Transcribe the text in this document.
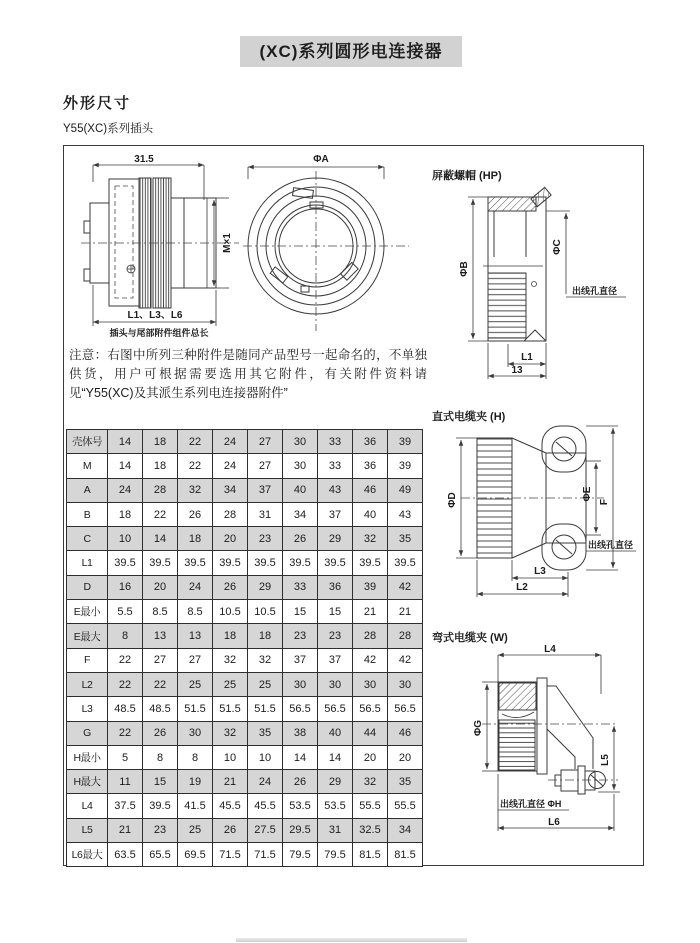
(XC)系列圆形电连接器
外形尺寸
Y55(XC)系列插头
31.5
M×1
L1、L3、L6
插头与尾部附件组件总长
ΦA
屏蔽螺帽 (HP)
ΦB
ΦC
出线孔直径
L1
13
直式电缆夹 (H)
ΦD	ΦE
F
出线孔直径
L3
L2
弯式电缆夹 (W)
L4
ΦG
L5
出线孔直径 ΦH
L6
注意：右图中所列三种附件是随同产品型号一起命名的，不单独供货，用户可根据需要选用其它附件，有关附件资料请见“Y55(XC)及其派生系列电连接器附件”
壳体号	14	18	22	24	27	30	33	36	39
M	14	18	22	24	27	30	33	36	39
A	24	28	32	34	37	40	43	46	49
B	18	22	26	28	31	34	37	40	43
C	10	14	18	20	23	26	29	32	35
L1	39.5	39.5	39.5	39.5	39.5	39.5	39.5	39.5	39.5
D	16	20	24	26	29	33	36	39	42
E最小	5.5	8.5	8.5	10.5	10.5	15	15	21	21
E最大	8	13	13	18	18	23	23	28	28
F	22	27	27	32	32	37	37	42	42
L2	22	22	25	25	25	30	30	30	30
L3	48.5	48.5	51.5	51.5	51.5	56.5	56.5	56.5	56.5
G	22	26	30	32	35	38	40	44	46
H最小	5	8	8	10	10	14	14	20	20
H最大	11	15	19	21	24	26	29	32	35
L4	37.5	39.5	41.5	45.5	45.5	53.5	53.5	55.5	55.5
L5	21	23	25	26	27.5	29.5	31	32.5	34
L6最大	63.5	65.5	69.5	71.5	71.5	79.5	79.5	81.5	81.5
